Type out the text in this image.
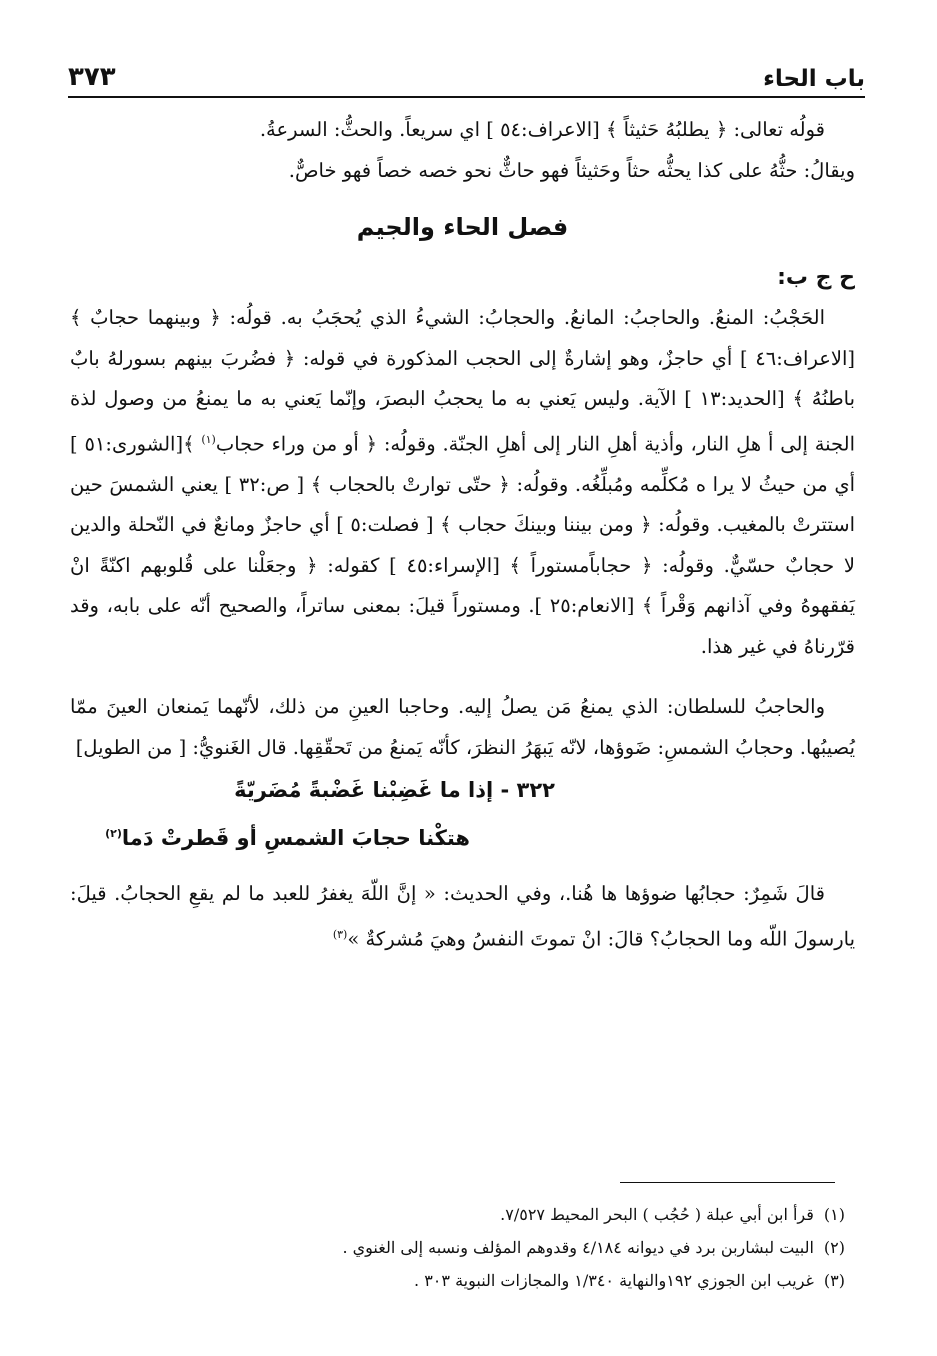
باب الحاء
٣٧٣

قولُه تعالى: ﴿ يطلبُهُ حَثيثاً ﴾ [الاعراف:٥٤ ] اي سريعاً. والحثُّ: السرعةُ.

ويقالُ: حثُّهُ على كذا يحثُّه حثاً وحَثيثاً فهو حاثٌّ نحو خصه خصاً فهو خاصٌّ.

فصل الحاء والجيم
ح ج ب:

الحَجْبُ: المنعُ. والحاجبُ: المانعُ. والحجابُ: الشيءُ الذي يُحجَبُ به. قولُه: ﴿ وبينهما حجابٌ ﴾ [الاعراف:٤٦ ] أي حاجزٌ، وهو إشارةٌ إلى الحجب المذكورة في قوله: ﴿ فضُربَ بينهم بسورلهُ بابٌ باطنُهُ ﴾ [الحديد:١٣ ] الآية. وليس يَعني به ما يحجبُ البصرَ، وإنّما يَعني به ما يمنعُ من وصول لذة الجنة إلى أ هلِ النار، وأذية أهلِ النار إلى أهلِ الجنّة. وقولُه: ﴿ أو من وراء حجاب$^{(١)}$ ﴾[الشورى:٥١ ] أي من حيثُ لا يرا ه مُكلِّمه ومُبلِّغُه. وقولُه: ﴿ حتّى توارتْ بالحجاب ﴾ [ ص:٣٢ ] يعني الشمسَ حين استترتْ بالمغيب. وقولُه: ﴿ ومن بيننا وبينكَ حجاب ﴾ [ فصلت:٥ ] أي حاجزٌ ومانعٌ في النّحلة والدين لا حجابٌ حسّيٌّ. وقولُه: ﴿ حجاباًمستوراً ﴾ [الإسراء:٤٥ ] كقوله: ﴿ وجعَلْنا على قُلوبهم اكنّةً انْ يَفقهوهُ وفي آذانهم وَقْراً ﴾ [الانعام:٢٥ ]. ومستوراً قيلَ: بمعنى ساتراً، والصحيح أنّه على بابه، وقد قرّرناهُ في غير هذا.

والحاجبُ للسلطان: الذي يمنعُ مَن يصلُ إليه. وحاجبا العينِ من ذلك، لأنّهما يَمنعان العينَ ممّا يُصيبُها. وحجابُ الشمسِ: ضَوؤها، لانّه يَبهَرُ النظرَ، كأنّه يَمنعُ من تَحقّقِها. قال الغَنويُّ: [ من الطويل]

٣٢٢ - إذا ما غَضِبْنا غَضْبةً مُضَريّةً
هتكْنا حجابَ الشمسِ أو قَطرتْ دَما$^{(٢)}$

قالَ شَمِرٌ: حجابُها ضوؤها ها هُنا.، وفي الحديث: « إنَّ اللّهَ يغفرُ للعبد ما لم يقعِ الحجابُ. قيلَ: يارسولَ اللّه وما الحجابُ؟ قالَ: انْ تموتَ النفسُ وهيَ مُشركةٌ »$^{(٣)}$

(١)قرأ ابن أبي عبلة ( حُجُب ) البحر المحيط ٧/٥٢٧.
(٢)البيت لبشاربن برد في ديوانه ٤/١٨٤ وقدوهم المؤلف ونسبه إلى الغنوي .
(٣)غريب ابن الجوزي ١٩٢والنهاية ١/٣٤٠ والمجازات النبوية ٣٠٣ .
